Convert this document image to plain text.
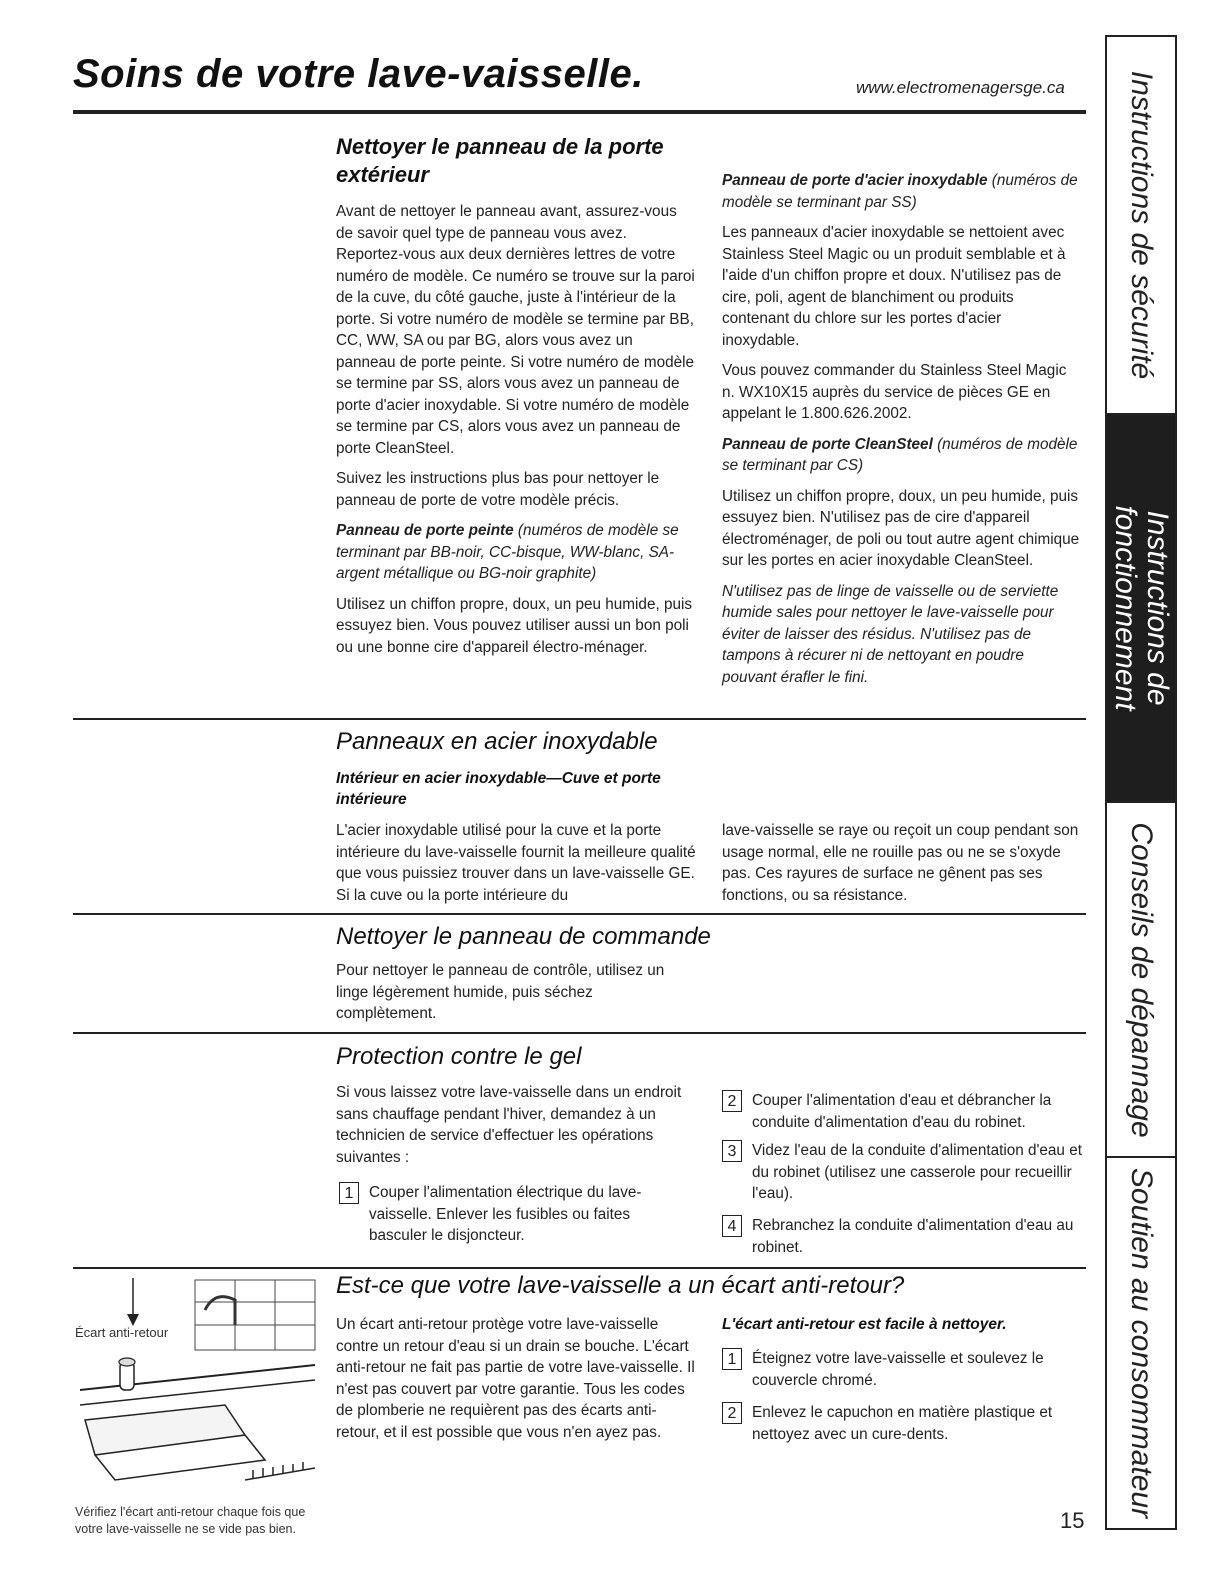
Soins de votre lave-vaisselle.	www.electromenagersge.ca
Nettoyer le panneau de la porte
extérieur

Avant de nettoyer le panneau avant, assurez-vous de savoir quel type de panneau vous avez. Reportez-vous aux deux dernières lettres de votre numéro de modèle. Ce numéro se trouve sur la paroi de la cuve, du côté gauche, juste à l'intérieur de la porte. Si votre numéro de modèle se termine par BB, CC, WW, SA ou par BG, alors vous avez un panneau de porte peinte. Si votre numéro de modèle se termine par SS, alors vous avez un panneau de porte d'acier inoxydable. Si votre numéro de modèle se termine par CS, alors vous avez un panneau de porte CleanSteel.

Suivez les instructions plus bas pour nettoyer le panneau de porte de votre modèle précis.

Panneau de porte peinte (numéros de modèle se terminant par BB-noir, CC-bisque, WW-blanc, SA-argent métallique ou BG-noir graphite)

Utilisez un chiffon propre, doux, un peu humide, puis essuyez bien. Vous pouvez utiliser aussi un bon poli ou une bonne cire d'appareil électro-ménager.

Panneau de porte d'acier inoxydable (numéros de modèle se terminant par SS)

Les panneaux d'acier inoxydable se nettoient avec Stainless Steel Magic ou un produit semblable et à l'aide d'un chiffon propre et doux. N'utilisez pas de cire, poli, agent de blanchiment ou produits contenant du chlore sur les portes d'acier inoxydable.

Vous pouvez commander du Stainless Steel Magic n. WX10X15 auprès du service de pièces GE en appelant le 1.800.626.2002.

Panneau de porte CleanSteel (numéros de modèle se terminant par CS)

Utilisez un chiffon propre, doux, un peu humide, puis essuyez bien. N'utilisez pas de cire d'appareil électroménager, de poli ou tout autre agent chimique sur les portes en acier inoxydable CleanSteel.

N'utilisez pas de linge de vaisselle ou de serviette humide sales pour nettoyer le lave-vaisselle pour éviter de laisser des résidus. N'utilisez pas de tampons à récurer ni de nettoyant en poudre pouvant érafler le fini.

Panneaux en acier inoxydable
Intérieur en acier inoxydable—Cuve et porte intérieure

L'acier inoxydable utilisé pour la cuve et la porte intérieure du lave-vaisselle fournit la meilleure qualité que vous puissiez trouver dans un lave-vaisselle GE. Si la cuve ou la porte intérieure du

lave-vaisselle se raye ou reçoit un coup pendant son usage normal, elle ne rouille pas ou ne se s'oxyde pas. Ces rayures de surface ne gênent pas ses fonctions, ou sa résistance.

Nettoyer le panneau de commande

Pour nettoyer le panneau de contrôle, utilisez un linge légèrement humide, puis séchez complètement.

Protection contre le gel

Si vous laissez votre lave-vaisselle dans un endroit sans chauffage pendant l'hiver, demandez à un technicien de service d'effectuer les opérations suivantes :

1	Couper l'alimentation électrique du lave-vaisselle. Enlever les fusibles ou faites basculer le disjoncteur.
2	Couper l'alimentation d'eau et débrancher la conduite d'alimentation d'eau du robinet.
3	Videz l'eau de la conduite d'alimentation d'eau et du robinet (utilisez une casserole pour recueillir l'eau).
4	Rebranchez la conduite d'alimentation d'eau au robinet.
Est-ce que votre lave-vaisselle a un écart anti-retour?

Un écart anti-retour protège votre lave-vaisselle contre un retour d'eau si un drain se bouche. L'écart anti-retour ne fait pas partie de votre lave-vaisselle. Il n'est pas couvert par votre garantie. Tous les codes de plomberie ne requièrent pas des écarts anti-retour, et il est possible que vous n'en ayez pas.

L'écart anti-retour est facile à nettoyer.
1	Éteignez votre lave-vaisselle et soulevez le couvercle chromé.
2	Enlevez le capuchon en matière plastique et nettoyez avec un cure-dents.
Écart anti-retour
Vérifiez l'écart anti-retour chaque fois que votre lave-vaisselle ne se vide pas bien.
Instructions de sécurité
Instructions de fonctionnement
Conseils de dépannage
Soutien au consommateur
15
